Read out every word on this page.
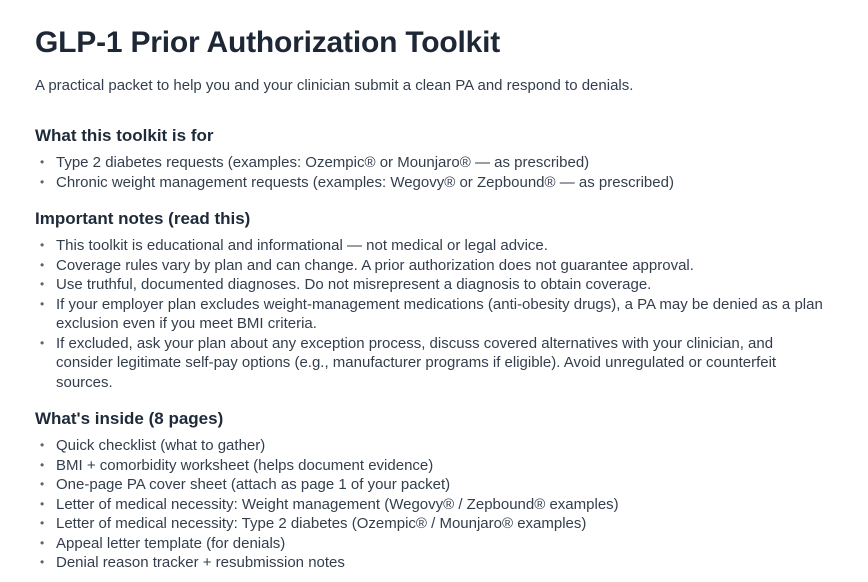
GLP-1 Prior Authorization Toolkit

A practical packet to help you and your clinician submit a clean PA and respond to denials.

What this toolkit is for
• Type 2 diabetes requests (examples: Ozempic® or Mounjaro® — as prescribed)
• Chronic weight management requests (examples: Wegovy® or Zepbound® — as prescribed)
Important notes (read this)
• This toolkit is educational and informational — not medical or legal advice.
• Coverage rules vary by plan and can change. A prior authorization does not guarantee approval.
• Use truthful, documented diagnoses. Do not misrepresent a diagnosis to obtain coverage.
• If your employer plan excludes weight-management medications (anti-obesity drugs), a PA may be denied as a plan exclusion even if you meet BMI criteria.
• If excluded, ask your plan about any exception process, discuss covered alternatives with your clinician, and consider legitimate self-pay options (e.g., manufacturer programs if eligible). Avoid unregulated or counterfeit sources.
What's inside (8 pages)
• Quick checklist (what to gather)
• BMI + comorbidity worksheet (helps document evidence)
• One-page PA cover sheet (attach as page 1 of your packet)
• Letter of medical necessity: Weight management (Wegovy® / Zepbound® examples)
• Letter of medical necessity: Type 2 diabetes (Ozempic® / Mounjaro® examples)
• Appeal letter template (for denials)
• Denial reason tracker + resubmission notes
